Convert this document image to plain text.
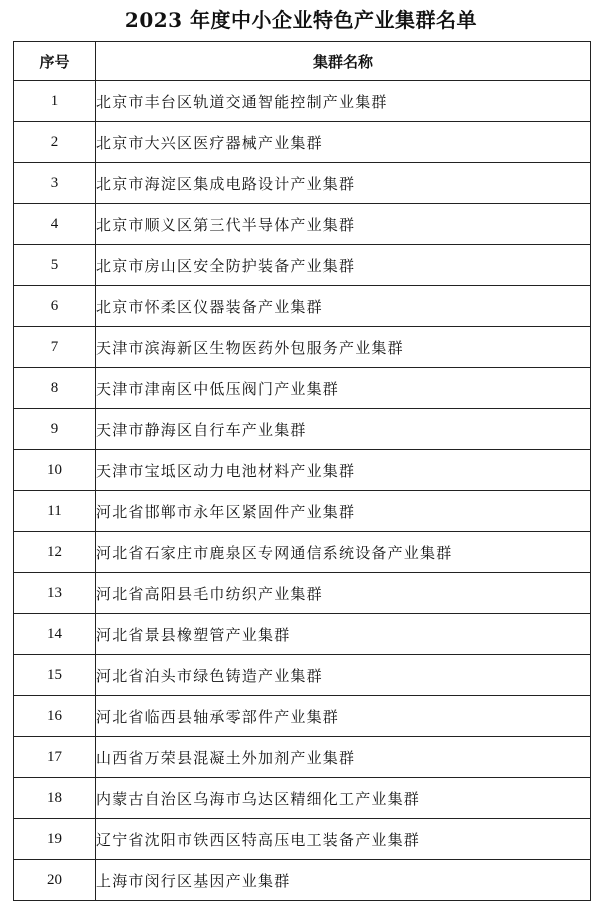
2023 年度中小企业特色产业集群名单
序号	集群名称
1	北京市丰台区轨道交通智能控制产业集群
2	北京市大兴区医疗器械产业集群
3	北京市海淀区集成电路设计产业集群
4	北京市顺义区第三代半导体产业集群
5	北京市房山区安全防护装备产业集群
6	北京市怀柔区仪器装备产业集群
7	天津市滨海新区生物医药外包服务产业集群
8	天津市津南区中低压阀门产业集群
9	天津市静海区自行车产业集群
10	天津市宝坻区动力电池材料产业集群
11	河北省邯郸市永年区紧固件产业集群
12	河北省石家庄市鹿泉区专网通信系统设备产业集群
13	河北省高阳县毛巾纺织产业集群
14	河北省景县橡塑管产业集群
15	河北省泊头市绿色铸造产业集群
16	河北省临西县轴承零部件产业集群
17	山西省万荣县混凝土外加剂产业集群
18	内蒙古自治区乌海市乌达区精细化工产业集群
19	辽宁省沈阳市铁西区特高压电工装备产业集群
20	上海市闵行区基因产业集群
